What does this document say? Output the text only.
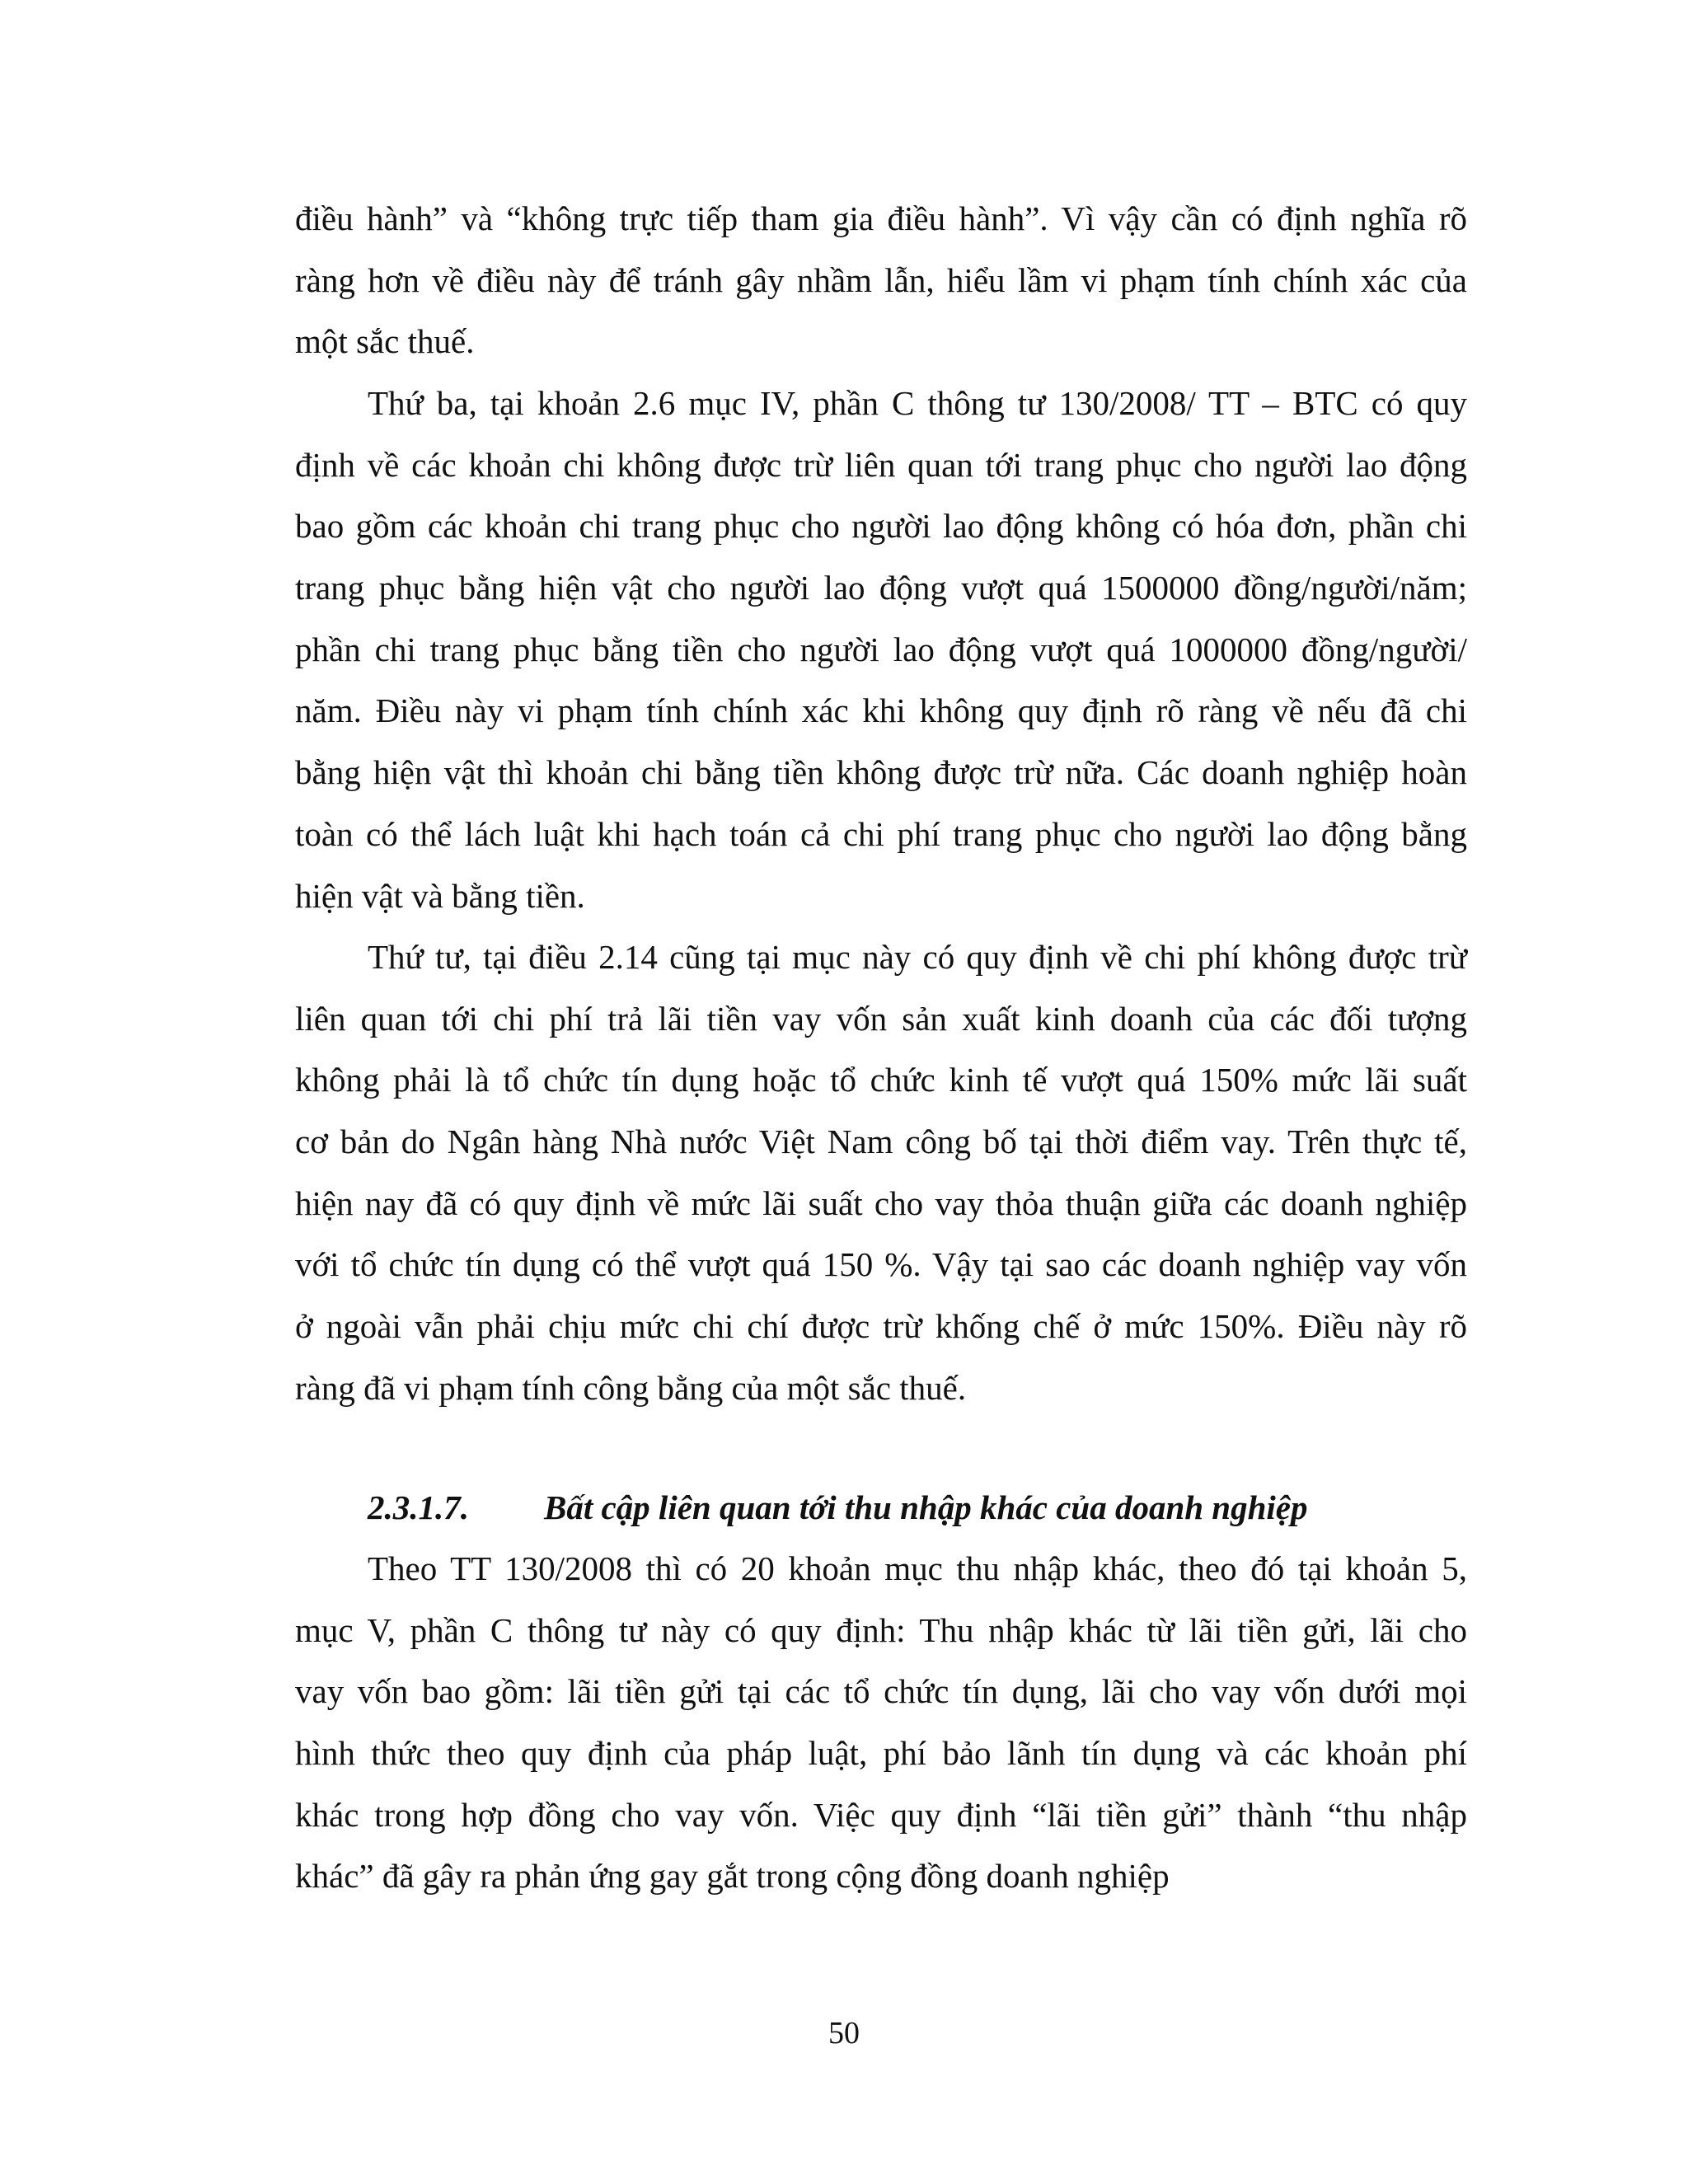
điều hành” và “không trực tiếp tham gia điều hành”. Vì vậy cần có định nghĩa rõ
ràng hơn về điều này để tránh gây nhầm lẫn, hiểu lầm vi phạm tính chính xác của
một sắc thuế.
Thứ ba, tại khoản 2.6 mục IV, phần C thông tư 130/2008/ TT – BTC có quy
định về các khoản chi không được trừ liên quan tới trang phục cho người lao động
bao gồm các khoản chi trang phục cho người lao động không có hóa đơn, phần chi
trang phục bằng hiện vật cho người lao động vượt quá 1500000 đồng/người/năm;
phần chi trang phục bằng tiền cho người lao động vượt quá 1000000 đồng/người/
năm. Điều này vi phạm tính chính xác khi không quy định rõ ràng về nếu đã chi
bằng hiện vật thì khoản chi bằng tiền không được trừ nữa. Các doanh nghiệp hoàn
toàn có thể lách luật khi hạch toán cả chi phí trang phục cho người lao động bằng
hiện vật và bằng tiền.
Thứ tư, tại điều 2.14 cũng tại mục này có quy định về chi phí không được trừ
liên quan tới chi phí trả lãi tiền vay vốn sản xuất kinh doanh của các đối tượng
không phải là tổ chức tín dụng hoặc tổ chức kinh tế vượt quá 150% mức lãi suất
cơ bản do Ngân hàng Nhà nước Việt Nam công bố tại thời điểm vay. Trên thực tế,
hiện nay đã có quy định về mức lãi suất cho vay thỏa thuận giữa các doanh nghiệp
với tổ chức tín dụng có thể vượt quá 150 %. Vậy tại sao các doanh nghiệp vay vốn
ở ngoài vẫn phải chịu mức chi chí được trừ khống chế ở mức 150%. Điều này rõ
ràng đã vi phạm tính công bằng của một sắc thuế.
2.3.1.7. Bất cập liên quan tới thu nhập khác của doanh nghiệp
Theo TT 130/2008 thì có 20 khoản mục thu nhập khác, theo đó tại khoản 5,
mục V, phần C thông tư này có quy định: Thu nhập khác từ lãi tiền gửi, lãi cho
vay vốn bao gồm: lãi tiền gửi tại các tổ chức tín dụng, lãi cho vay vốn dưới mọi
hình thức theo quy định của pháp luật, phí bảo lãnh tín dụng và các khoản phí
khác trong hợp đồng cho vay vốn. Việc quy định “lãi tiền gửi” thành “thu nhập
khác” đã gây ra phản ứng gay gắt trong cộng đồng doanh nghiệp
50
